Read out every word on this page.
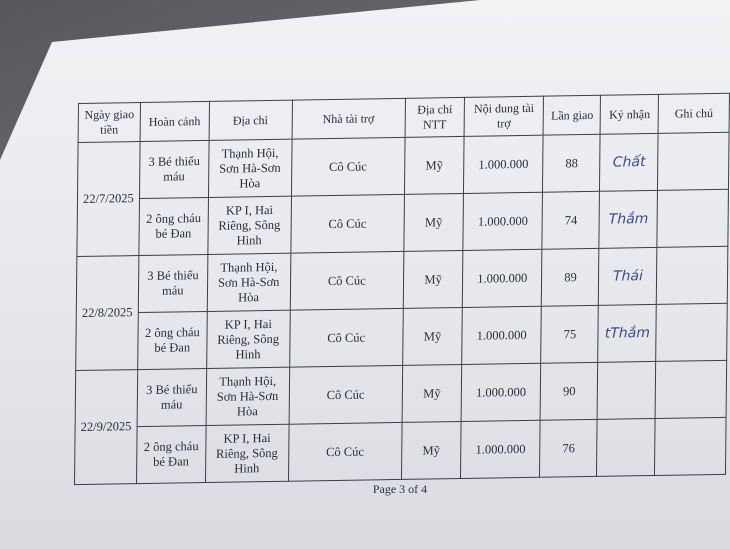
Ngày giao tiền	Hoàn cảnh	Địa chỉ	Nhà tài trợ	Địa chỉ NTT	Nội dung tài trợ	Lần giao	Ký nhận	Ghi chú
22/7/2025	3 Bé thiếu máu	Thạnh Hội, Sơn Hà-Sơn Hòa	Cô Cúc	Mỹ	1.000.000	88	Chất	
	2 ông cháu bé Đan	KP I, Hai Riêng, Sông Hinh	Cô Cúc	Mỹ	1.000.000	74	Thắm	
22/8/2025	3 Bé thiếu máu	Thạnh Hội, Sơn Hà-Sơn Hòa	Cô Cúc	Mỹ	1.000.000	89	Thái	
	2 ông cháu bé Đan	KP I, Hai Riêng, Sông Hinh	Cô Cúc	Mỹ	1.000.000	75	tThắm	
22/9/2025	3 Bé thiếu máu	Thạnh Hội, Sơn Hà-Sơn Hòa	Cô Cúc	Mỹ	1.000.000	90		
	2 ông cháu bé Đan	KP I, Hai Riêng, Sông Hinh	Cô Cúc	Mỹ	1.000.000	76		
Page 3 of 4
